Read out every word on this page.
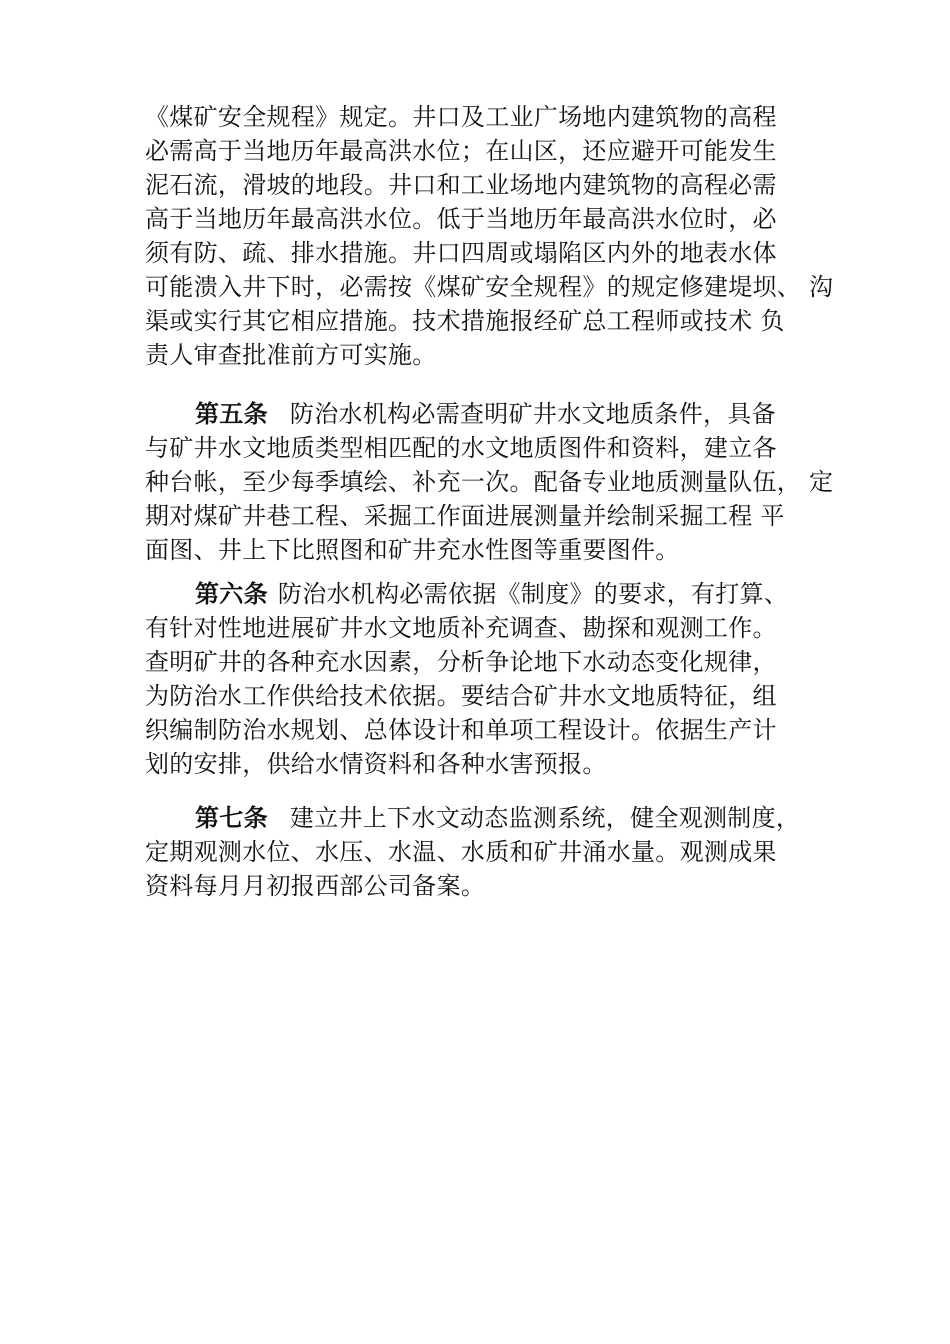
《煤矿安全规程》规定。井口及工业广场地内建筑物的高程
必需高于当地历年最高洪水位；在山区，还应避开可能发生
泥石流，滑坡的地段。井口和工业场地内建筑物的高程必需
高于当地历年最高洪水位。低于当地历年最高洪水位时，必
须有防、疏、排水措施。井口四周或塌陷区内外的地表水体
可能溃入井下时，必需按《煤矿安全规程》的规定修建堤坝、 沟
渠或实行其它相应措施。技术措施报经矿总工程师或技术 负
责人审查批准前方可实施。
第五条 防治水机构必需查明矿井水文地质条件，具备
与矿井水文地质类型相匹配的水文地质图件和资料，建立各
种台帐，至少每季填绘、补充一次。配备专业地质测量队伍， 定
期对煤矿井巷工程、采掘工作面进展测量并绘制采掘工程 平
面图、井上下比照图和矿井充水性图等重要图件。
第六条 防治水机构必需依据《制度》的要求，有打算、
有针对性地进展矿井水文地质补充调查、勘探和观测工作。
查明矿井的各种充水因素，分析争论地下水动态变化规律，
为防治水工作供给技术依据。要结合矿井水文地质特征，组
织编制防治水规划、总体设计和单项工程设计。依据生产计
划的安排，供给水情资料和各种水害预报。
第七条 建立井上下水文动态监测系统，健全观测制度，
定期观测水位、水压、水温、水质和矿井涌水量。观测成果
资料每月月初报西部公司备案。
